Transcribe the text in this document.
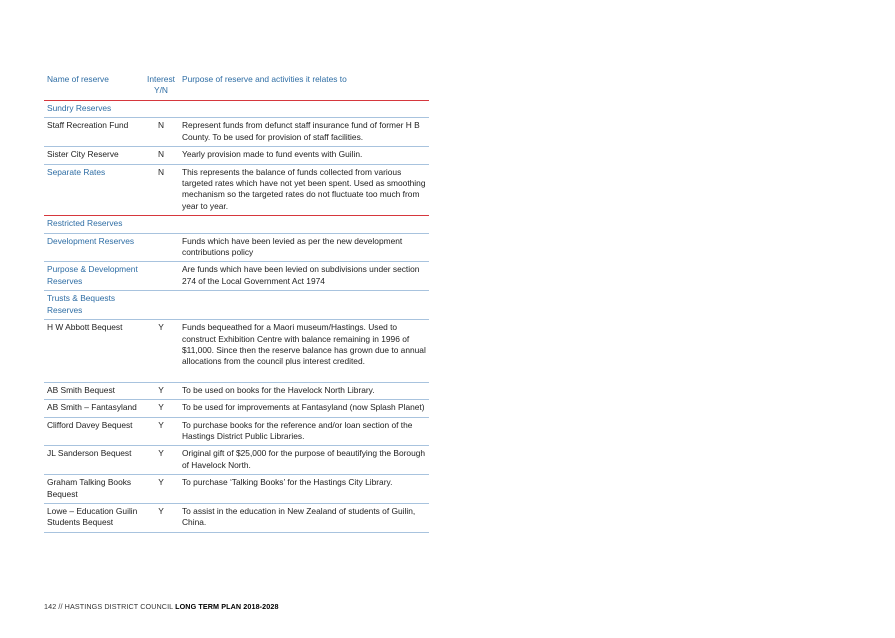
Name of reserve	Interest Y/N	Purpose of reserve and activities it relates to
Sundry Reserves		
Staff Recreation Fund	N	Represent funds from defunct staff insurance fund of former H B County. To be used for provision of staff facilities.
Sister City Reserve	N	Yearly provision made to fund events with Guilin.
Separate Rates	N	This represents the balance of funds collected from various targeted rates which have not yet been spent. Used as smoothing mechanism so the targeted rates do not fluctuate too much from year to year.
Restricted Reserves		
Development Reserves		Funds which have been levied as per the new development contributions policy
Purpose & Development Reserves		Are funds which have been levied on subdivisions under section 274 of the Local Government Act 1974
Trusts & Bequests Reserves		
H W Abbott Bequest	Y	Funds bequeathed for a Maori museum/Hastings. Used to construct Exhibition Centre with balance remaining in 1996 of $11,000. Since then the reserve balance has grown due to annual allocations from the council plus interest credited.
AB Smith Bequest	Y	To be used on books for the Havelock North Library.
AB Smith – Fantasyland	Y	To be used for improvements at Fantasyland (now Splash Planet)
Clifford Davey Bequest	Y	To purchase books for the reference and/or loan section of the Hastings District Public Libraries.
JL Sanderson Bequest	Y	Original gift of $25,000 for the purpose of beautifying the Borough of Havelock North.
Graham Talking Books Bequest	Y	To purchase ‘Talking Books’ for the Hastings City Library.
Lowe – Education Guilin Students Bequest	Y	To assist in the education in New Zealand of students of Guilin, China.
142 // HASTINGS DISTRICT COUNCIL LONG TERM PLAN 2018-2028
